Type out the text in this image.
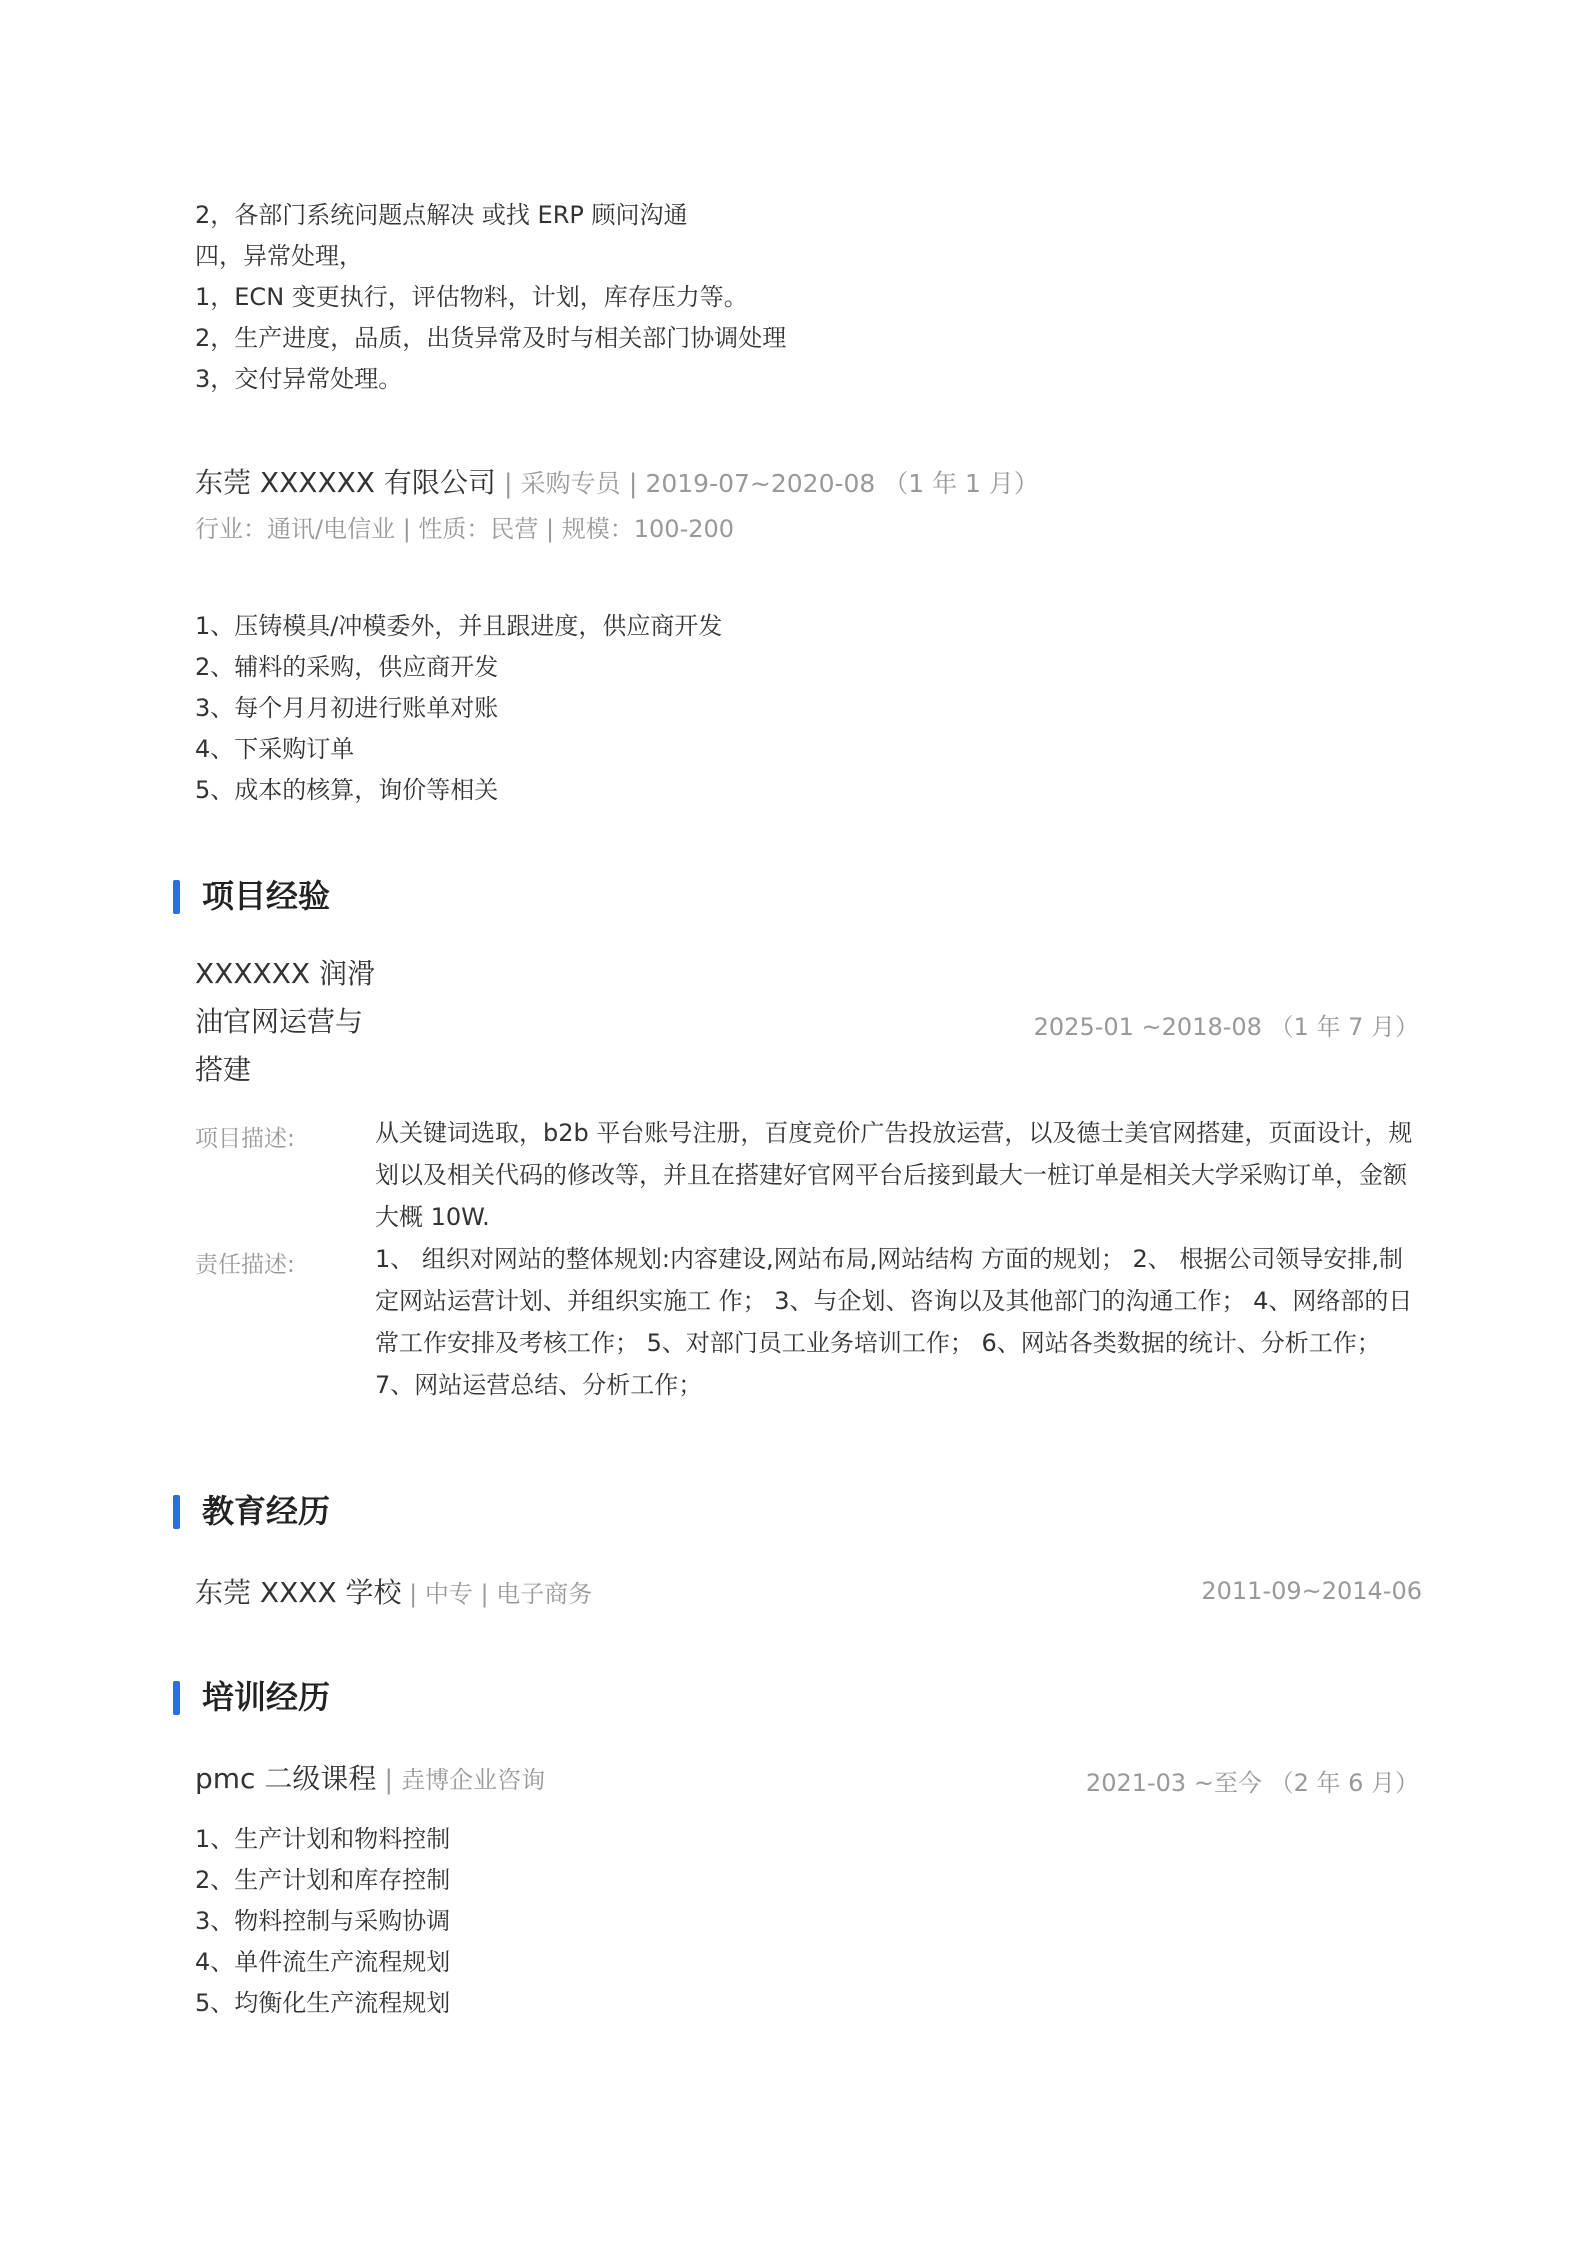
2，各部门系统问题点解决 或找 ERP 顾问沟通
四，异常处理，
1，ECN 变更执行，评估物料，计划，库存压力等。
2，生产进度，品质，出货异常及时与相关部门协调处理
3，交付异常处理。
东莞 XXXXXX 有限公司 | 采购专员 | 2019-07~2020-08 （1 年 1 月）
行业：通讯/电信业 | 性质：民营 | 规模：100-200
1、压铸模具/冲模委外，并且跟进度，供应商开发
2、辅料的采购，供应商开发
3、每个月月初进行账单对账
4、下采购订单
5、成本的核算，询价等相关
项目经验
XXXXXX 润滑
油官网运营与
搭建
2025-01 ~2018-08 （1 年 7 月）
项目描述:	从关键词选取，b2b 平台账号注册，百度竞价广告投放运营，以及德士美官网搭建，页面设计，规
划以及相关代码的修改等，并且在搭建好官网平台后接到最大一桩订单是相关大学采购订单，金额
大概 10W.
责任描述:	1、 组织对网站的整体规划:内容建设,网站布局,网站结构 方面的规划； 2、 根据公司领导安排,制
定网站运营计划、并组织实施工 作； 3、与企划、咨询以及其他部门的沟通工作； 4、网络部的日
常工作安排及考核工作； 5、对部门员工业务培训工作； 6、网站各类数据的统计、分析工作；
7、网站运营总结、分析工作；
教育经历
东莞 XXXX 学校 | 中专 | 电子商务	2011-09~2014-06
培训经历
pmc 二级课程 | 垚博企业咨询	2021-03 ~至今 （2 年 6 月）
1、生产计划和物料控制
2、生产计划和库存控制
3、物料控制与采购协调
4、单件流生产流程规划
5、均衡化生产流程规划
